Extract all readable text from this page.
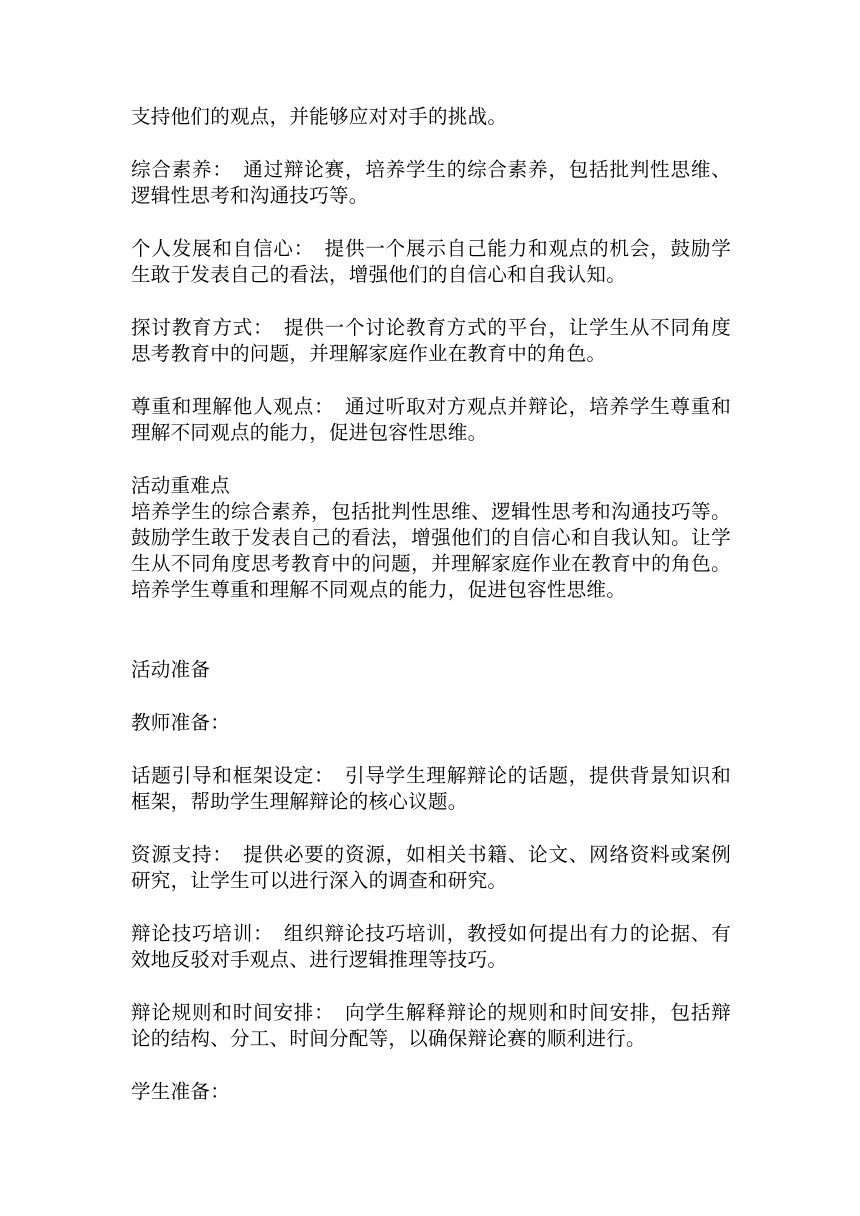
支持他们的观点，并能够应对对手的挑战。
综合素养： 通过辩论赛，培养学生的综合素养，包括批判性思维、
逻辑性思考和沟通技巧等。
个人发展和自信心： 提供一个展示自己能力和观点的机会，鼓励学
生敢于发表自己的看法，增强他们的自信心和自我认知。
探讨教育方式： 提供一个讨论教育方式的平台，让学生从不同角度
思考教育中的问题，并理解家庭作业在教育中的角色。
尊重和理解他人观点： 通过听取对方观点并辩论，培养学生尊重和
理解不同观点的能力，促进包容性思维。
活动重难点
培养学生的综合素养，包括批判性思维、逻辑性思考和沟通技巧等。
鼓励学生敢于发表自己的看法，增强他们的自信心和自我认知。让学
生从不同角度思考教育中的问题，并理解家庭作业在教育中的角色。
培养学生尊重和理解不同观点的能力，促进包容性思维。
活动准备
教师准备：
话题引导和框架设定： 引导学生理解辩论的话题，提供背景知识和
框架，帮助学生理解辩论的核心议题。
资源支持： 提供必要的资源，如相关书籍、论文、网络资料或案例
研究，让学生可以进行深入的调查和研究。
辩论技巧培训： 组织辩论技巧培训，教授如何提出有力的论据、有
效地反驳对手观点、进行逻辑推理等技巧。
辩论规则和时间安排： 向学生解释辩论的规则和时间安排，包括辩
论的结构、分工、时间分配等，以确保辩论赛的顺利进行。
学生准备：
